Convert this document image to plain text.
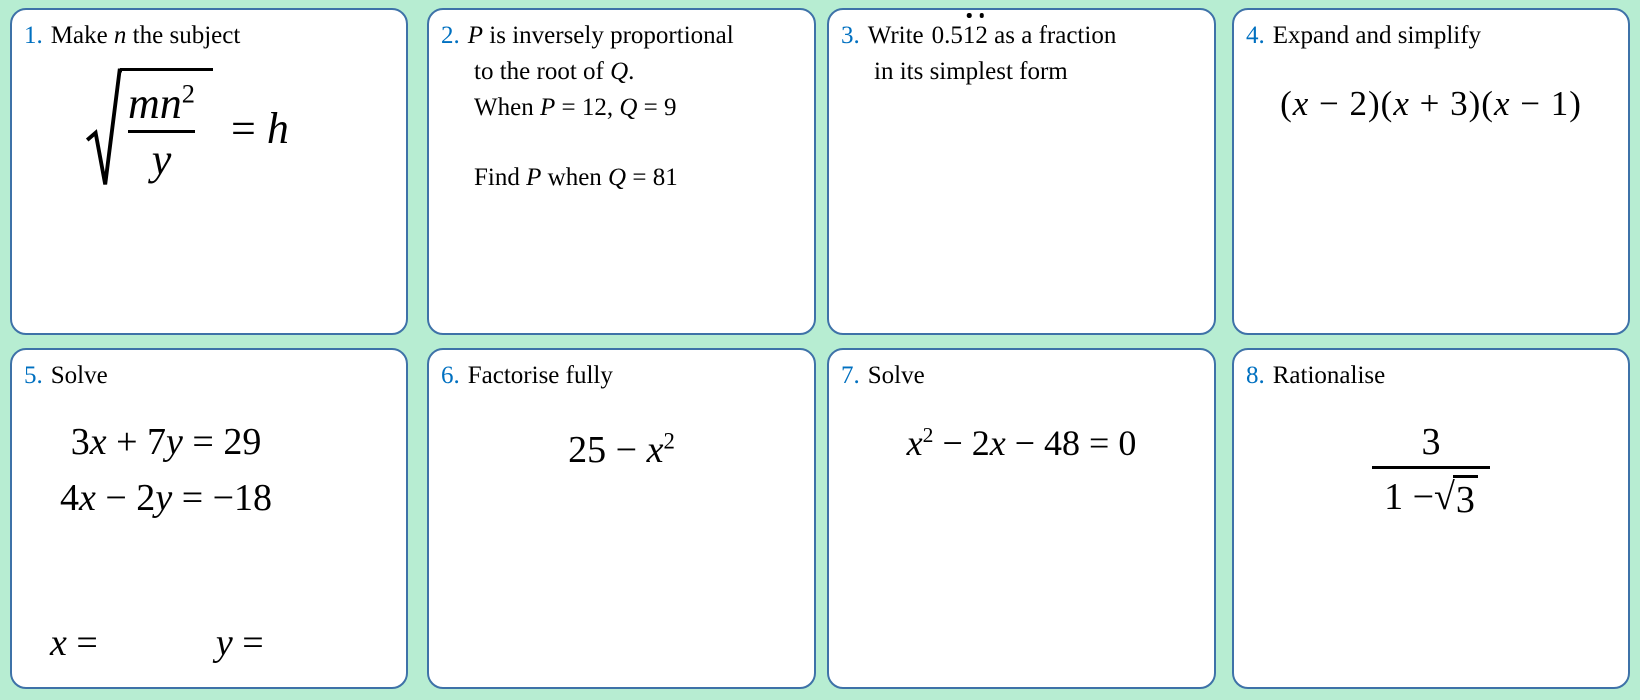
1. Make n the subject
$mn^2$
y
= h
2. P is inversely proportional
to the root of Q.
When P = 12, Q = 9
Find P when Q = 81
3. Write 0.512 as a fraction
in its simplest form
4. Expand and simplify
(x − 2)(x + 3)(x − 1)
5. Solve
3x + 7y = 29
4x − 2y = −18
x =	y =
6. Factorise fully
$25 - x^2$
7. Solve
$x^2 - 2x - 48 = 0$
8. Rationalise
3
1 − √ 3
